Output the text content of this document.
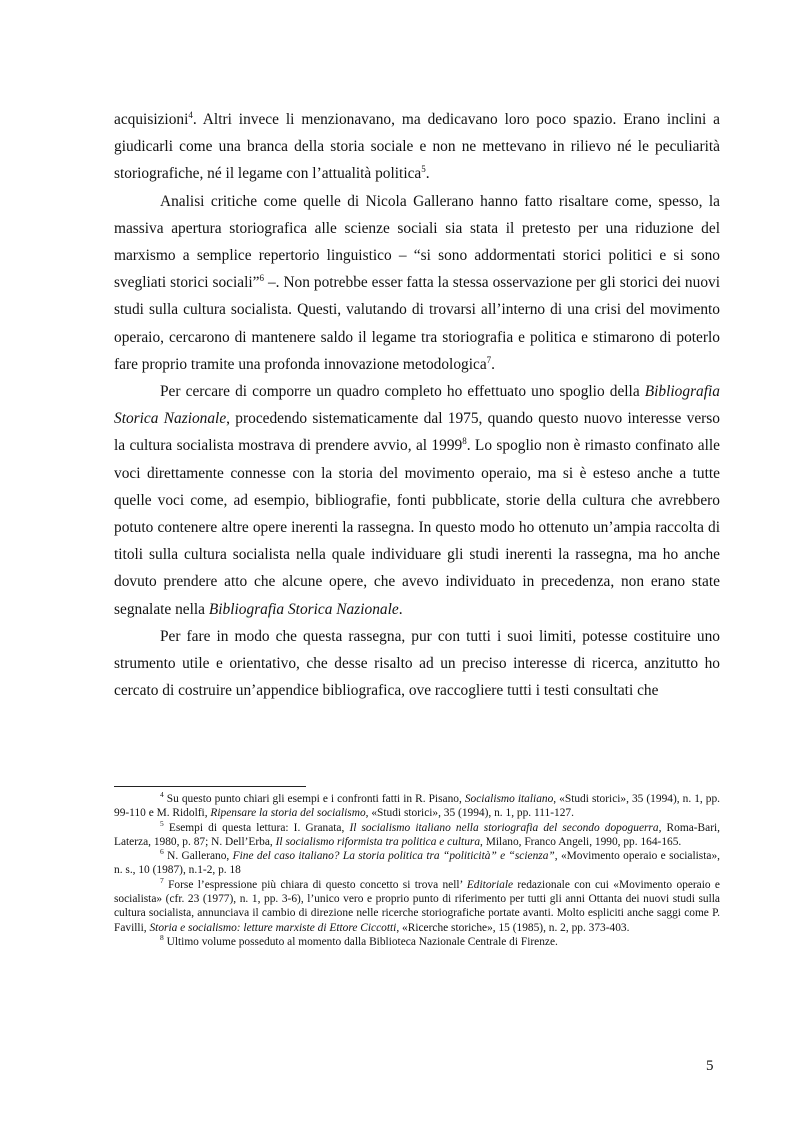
acquisizioni$^4$. Altri invece li menzionavano, ma dedicavano loro poco spazio. Erano inclini a giudicarli come una branca della storia sociale e non ne mettevano in rilievo né le peculiarità storiografiche, né il legame con l’attualità politica$^5$.

Analisi critiche come quelle di Nicola Gallerano hanno fatto risaltare come, spesso, la massiva apertura storiografica alle scienze sociali sia stata il pretesto per una riduzione del marxismo a semplice repertorio linguistico – “si sono addormentati storici politici e si sono svegliati storici sociali”$^6$ –. Non potrebbe esser fatta la stessa osservazione per gli storici dei nuovi studi sulla cultura socialista. Questi, valutando di trovarsi all’interno di una crisi del movimento operaio, cercarono di mantenere saldo il legame tra storiografia e politica e stimarono di poterlo fare proprio tramite una profonda innovazione metodologica$^7$.

Per cercare di comporre un quadro completo ho effettuato uno spoglio della Bibliografia Storica Nazionale, procedendo sistematicamente dal 1975, quando questo nuovo interesse verso la cultura socialista mostrava di prendere avvio, al 1999$^8$. Lo spoglio non è rimasto confinato alle voci direttamente connesse con la storia del movimento operaio, ma si è esteso anche a tutte quelle voci come, ad esempio, bibliografie, fonti pubblicate, storie della cultura che avrebbero potuto contenere altre opere inerenti la rassegna. In questo modo ho ottenuto un’ampia raccolta di titoli sulla cultura socialista nella quale individuare gli studi inerenti la rassegna, ma ho anche dovuto prendere atto che alcune opere, che avevo individuato in precedenza, non erano state segnalate nella Bibliografia Storica Nazionale.

Per fare in modo che questa rassegna, pur con tutti i suoi limiti, potesse costituire uno strumento utile e orientativo, che desse risalto ad un preciso interesse di ricerca, anzitutto ho cercato di costruire un’appendice bibliografica, ove raccogliere tutti i testi consultati che

$^4$ Su questo punto chiari gli esempi e i confronti fatti in R. Pisano, Socialismo italiano, «Studi storici», 35 (1994), n. 1, pp. 99-110 e M. Ridolfi, Ripensare la storia del socialismo, «Studi storici», 35 (1994), n. 1, pp. 111-127.

$^5$ Esempi di questa lettura: I. Granata, Il socialismo italiano nella storiografia del secondo dopoguerra, Roma-Bari, Laterza, 1980, p. 87; N. Dell’Erba, Il socialismo riformista tra politica e cultura, Milano, Franco Angeli, 1990, pp. 164-165.

$^6$ N. Gallerano, Fine del caso italiano? La storia politica tra “politicità” e “scienza”, «Movimento operaio e socialista», n. s., 10 (1987), n.1-2, p. 18

$^7$ Forse l’espressione più chiara di questo concetto si trova nell’ Editoriale redazionale con cui «Movimento operaio e socialista» (cfr. 23 (1977), n. 1, pp. 3-6), l’unico vero e proprio punto di riferimento per tutti gli anni Ottanta dei nuovi studi sulla cultura socialista, annunciava il cambio di direzione nelle ricerche storiografiche portate avanti. Molto espliciti anche saggi come P. Favilli, Storia e socialismo: letture marxiste di Ettore Ciccotti, «Ricerche storiche», 15 (1985), n. 2, pp. 373-403.

$^8$ Ultimo volume posseduto al momento dalla Biblioteca Nazionale Centrale di Firenze.

5
